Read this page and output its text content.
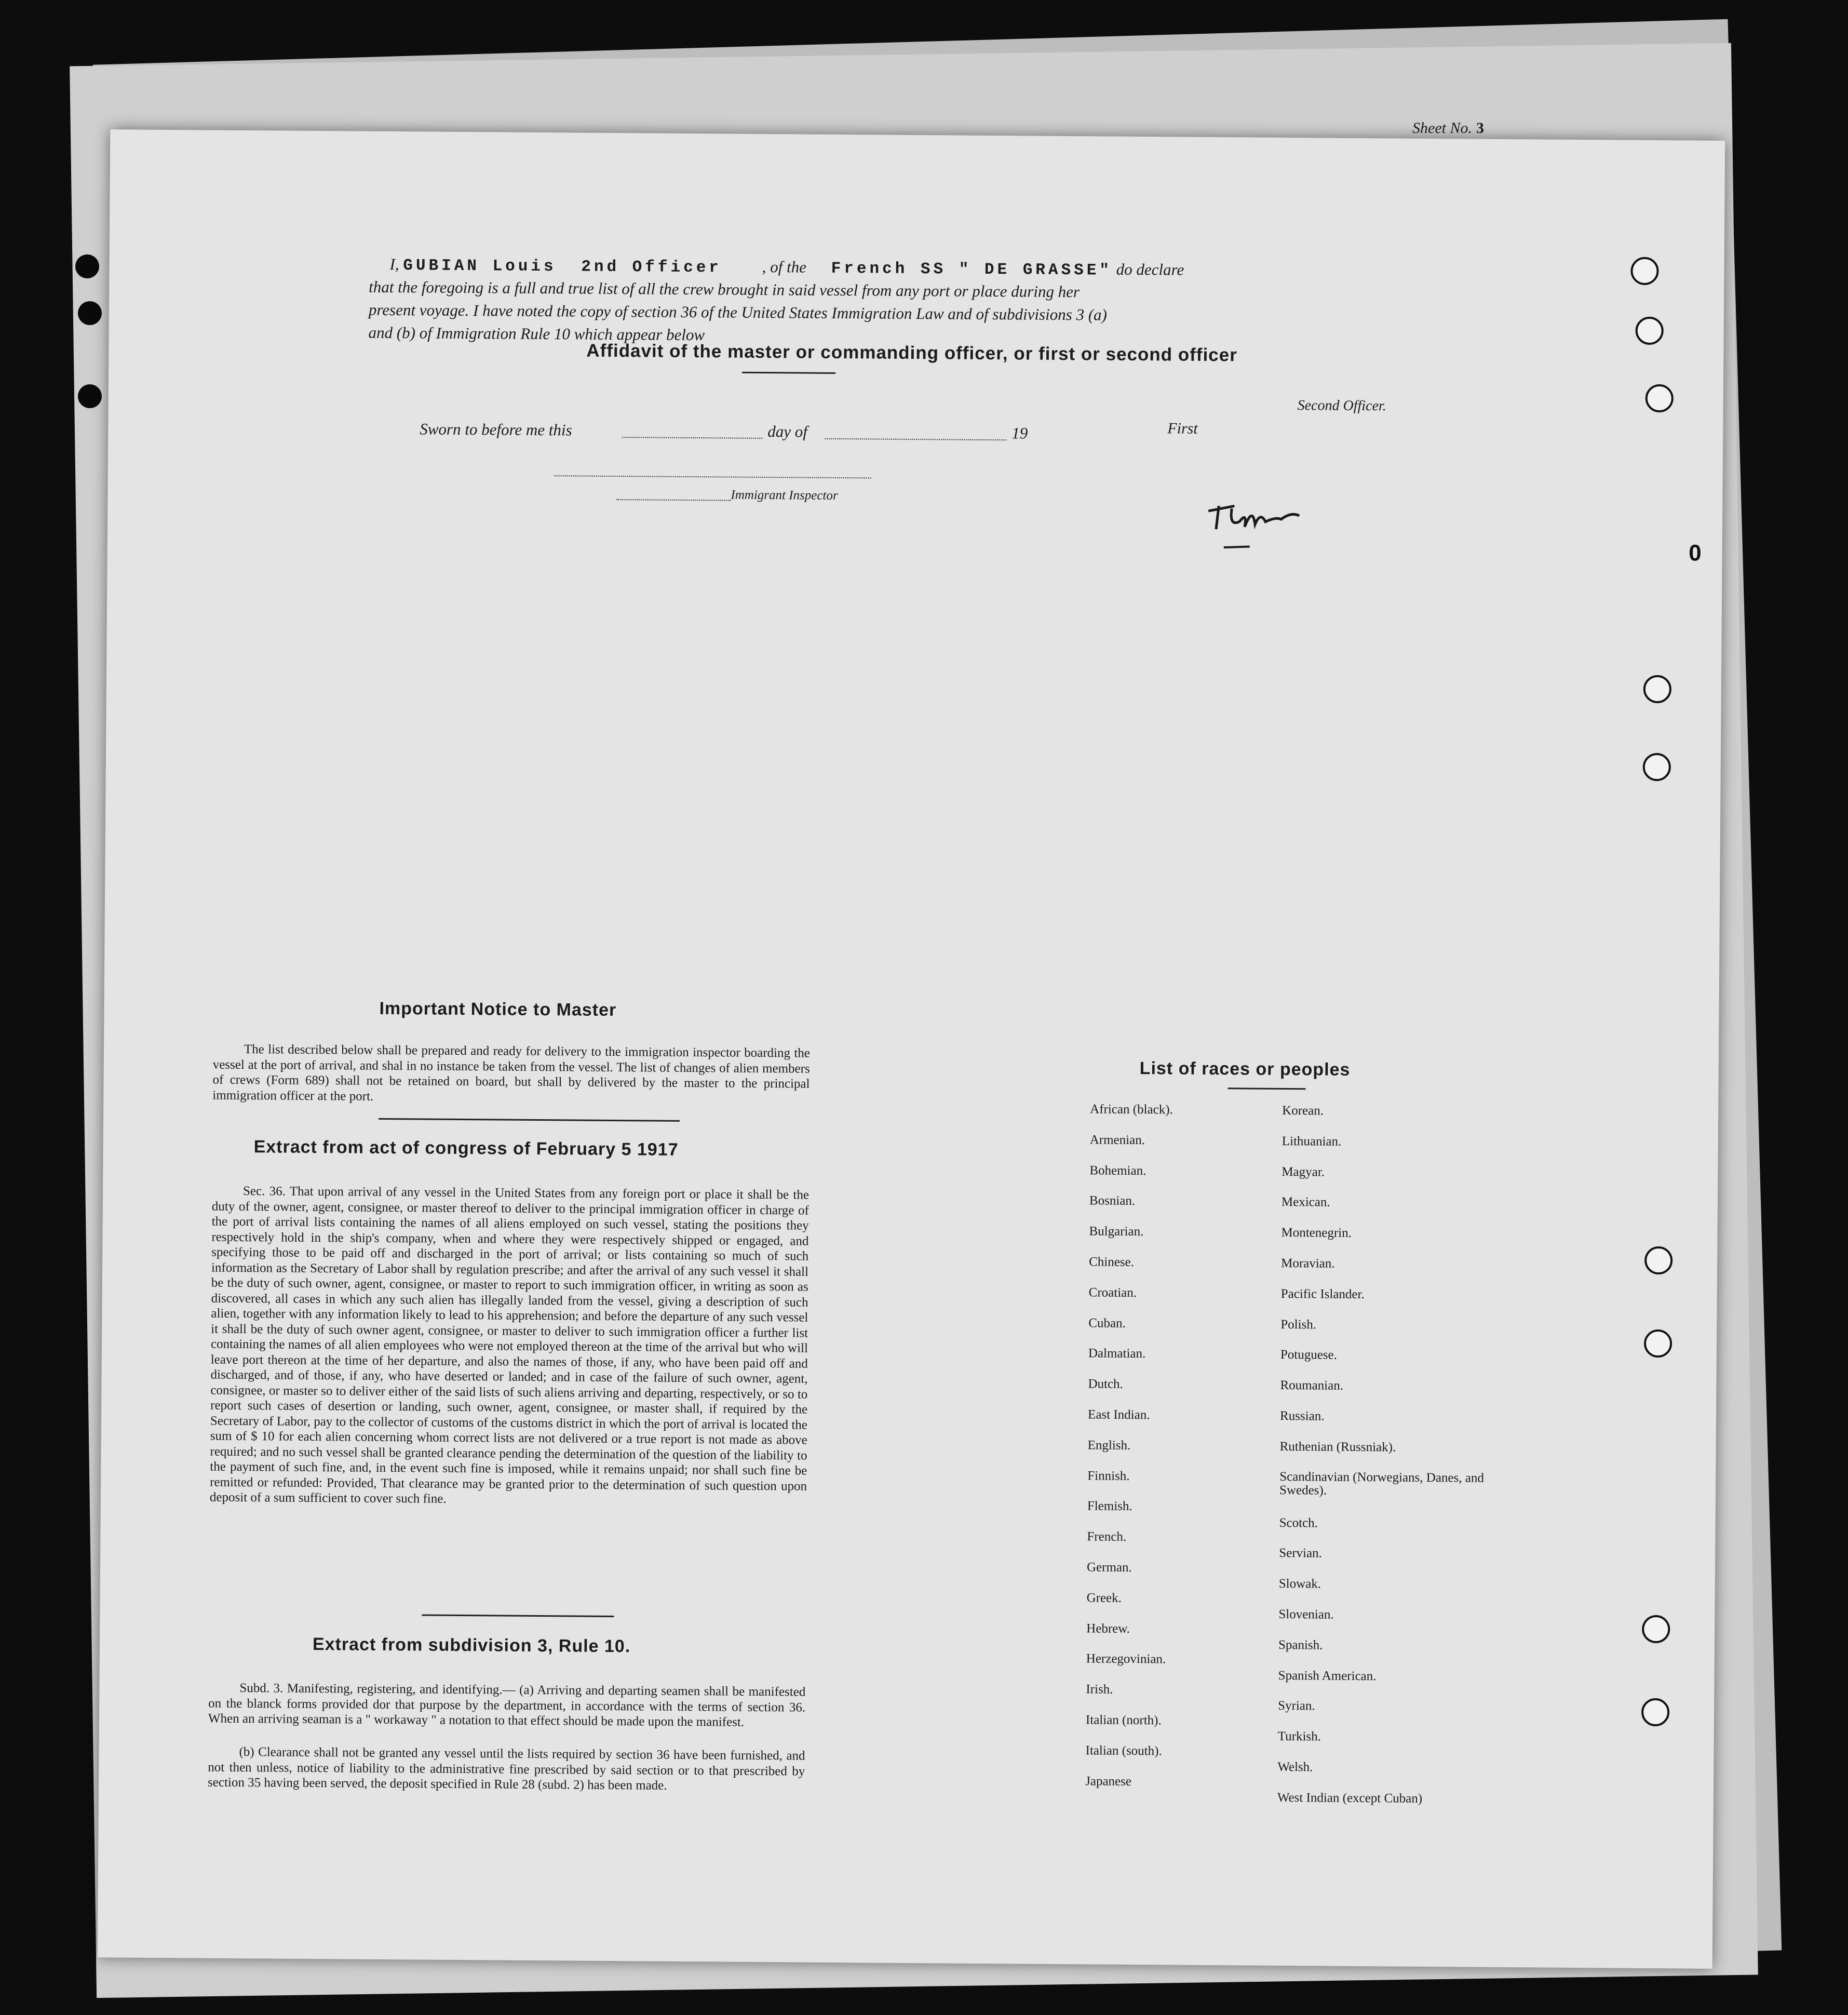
Affidavit of the master or commanding officer, or first or second officer
I, GUBIAN Louis 2nd Officer	, of the French SS " DE GRASSE" do declare
that the foregoing is a full and true list of all the crew brought in said vessel from any port or place during her
present voyage. I have noted the copy of section 36 of the United States Immigration Law and of subdivisions 3 (a)
and (b) of Immigration Rule 10 which appear below
Second Officer.
First
Sworn to before me this	day of	19
Immigrant Inspector
Important Notice to Master
The list described below shall be prepared and ready for delivery to the immigration inspector boarding the vessel at the port of arrival, and shal in no instance be taken from the vessel. The list of changes of alien members of crews (Form 689) shall not be retained on board, but shall by delivered by the master to the principal immigration officer at the port.
Extract from act of congress of February 5 1917
Sec. 36. That upon arrival of any vessel in the United States from any foreign port or place it shall be the duty of the owner, agent, consignee, or master thereof to deliver to the principal immigration officer in charge of the port of arrival lists containing the names of all aliens employed on such vessel, stating the positions they respectively hold in the ship's company, when and where they were respectively shipped or engaged, and specifying those to be paid off and discharged in the port of arrival; or lists containing so much of such information as the Secretary of Labor shall by regulation prescribe; and after the arrival of any such vessel it shall be the duty of such owner, agent, consignee, or master to report to such immigration officer, in writing as soon as discovered, all cases in which any such alien has illegally landed from the vessel, giving a description of such alien, together with any information likely to lead to his apprehension; and before the departure of any such vessel it shall be the duty of such owner agent, consignee, or master to deliver to such immigration officer a further list containing the names of all alien employees who were not employed thereon at the time of the arrival but who will leave port thereon at the time of her departure, and also the names of those, if any, who have been paid off and discharged, and of those, if any, who have deserted or landed; and in case of the failure of such owner, agent, consignee, or master so to deliver either of the said lists of such aliens arriving and departing, respectively, or so to report such cases of desertion or landing, such owner, agent, consignee, or master shall, if required by the Secretary of Labor, pay to the collector of customs of the customs district in which the port of arrival is located the sum of $ 10 for each alien concerning whom correct lists are not delivered or a true report is not made as above required; and no such vessel shall be granted clearance pending the determination of the question of the liability to the payment of such fine, and, in the event such fine is imposed, while it remains unpaid; nor shall such fine be remitted or refunded: Provided, That clearance may be granted prior to the determination of such question upon deposit of a sum sufficient to cover such fine.
Extract from subdivision 3, Rule 10.
Subd. 3. Manifesting, registering, and identifying.— (a) Arriving and departing seamen shall be manifested on the blanck forms provided dor that purpose by the department, in accordance with the terms of section 36. When an arriving seaman is a " workaway " a notation to that effect should be made upon the manifest.
(b) Clearance shall not be granted any vessel until the lists required by section 36 have been furnished, and not then unless, notice of liability to the administrative fine prescribed by said section or to that prescribed by section 35 having been served, the deposit specified in Rule 28 (subd. 2) has been made.
List of races or peoples
African (black).
Armenian.
Bohemian.
Bosnian.
Bulgarian.
Chinese.
Croatian.
Cuban.
Dalmatian.
Dutch.
East Indian.
English.
Finnish.
Flemish.
French.
German.
Greek.
Hebrew.
Herzegovinian.
Irish.
Italian (north).
Italian (south).
Japanese
Korean.
Lithuanian.
Magyar.
Mexican.
Montenegrin.
Moravian.
Pacific Islander.
Polish.
Potuguese.
Roumanian.
Russian.
Ruthenian (Russniak).
Scandinavian (Norwegians, Danes, and Swedes).
Scotch.
Servian.
Slowak.
Slovenian.
Spanish.
Spanish American.
Syrian.
Turkish.
Welsh.
West Indian (except Cuban)
0
Sheet No. 3
